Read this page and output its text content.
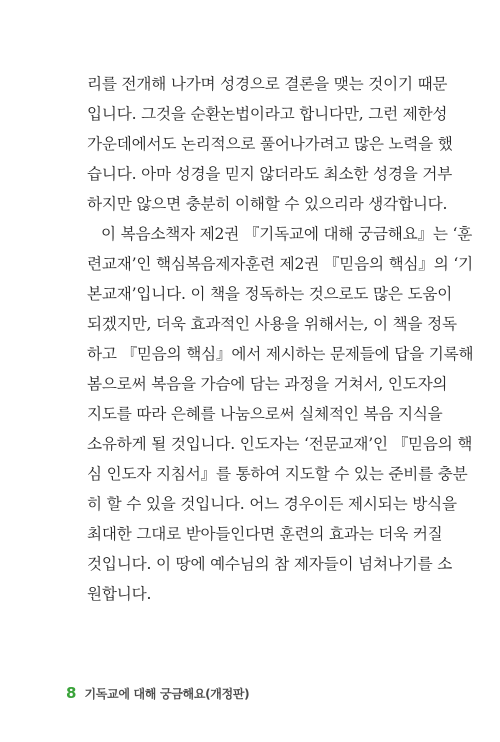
리를 전개해 나가며 성경으로 결론을 맺는 것이기 때문
입니다. 그것을 순환논법이라고 합니다만, 그런 제한성
가운데에서도 논리적으로 풀어나가려고 많은 노력을 했
습니다. 아마 성경을 믿지 않더라도 최소한 성경을 거부
하지만 않으면 충분히 이해할 수 있으리라 생각합니다.
이 복음소책자 제2권 『기독교에 대해 궁금해요』는 ‘훈
련교재’인 핵심복음제자훈련 제2권 『믿음의 핵심』의 ‘기
본교재’입니다. 이 책을 정독하는 것으로도 많은 도움이
되겠지만, 더욱 효과적인 사용을 위해서는, 이 책을 정독
하고 『믿음의 핵심』에서 제시하는 문제들에 답을 기록해
봄으로써 복음을 가슴에 담는 과정을 거쳐서, 인도자의
지도를 따라 은혜를 나눔으로써 실체적인 복음 지식을
소유하게 될 것입니다. 인도자는 ‘전문교재’인 『믿음의 핵
심 인도자 지침서』를 통하여 지도할 수 있는 준비를 충분
히 할 수 있을 것입니다. 어느 경우이든 제시되는 방식을
최대한 그대로 받아들인다면 훈련의 효과는 더욱 커질
것입니다. 이 땅에 예수님의 참 제자들이 넘쳐나기를 소
원합니다.
8 기독교에 대해 궁금해요(개정판)
